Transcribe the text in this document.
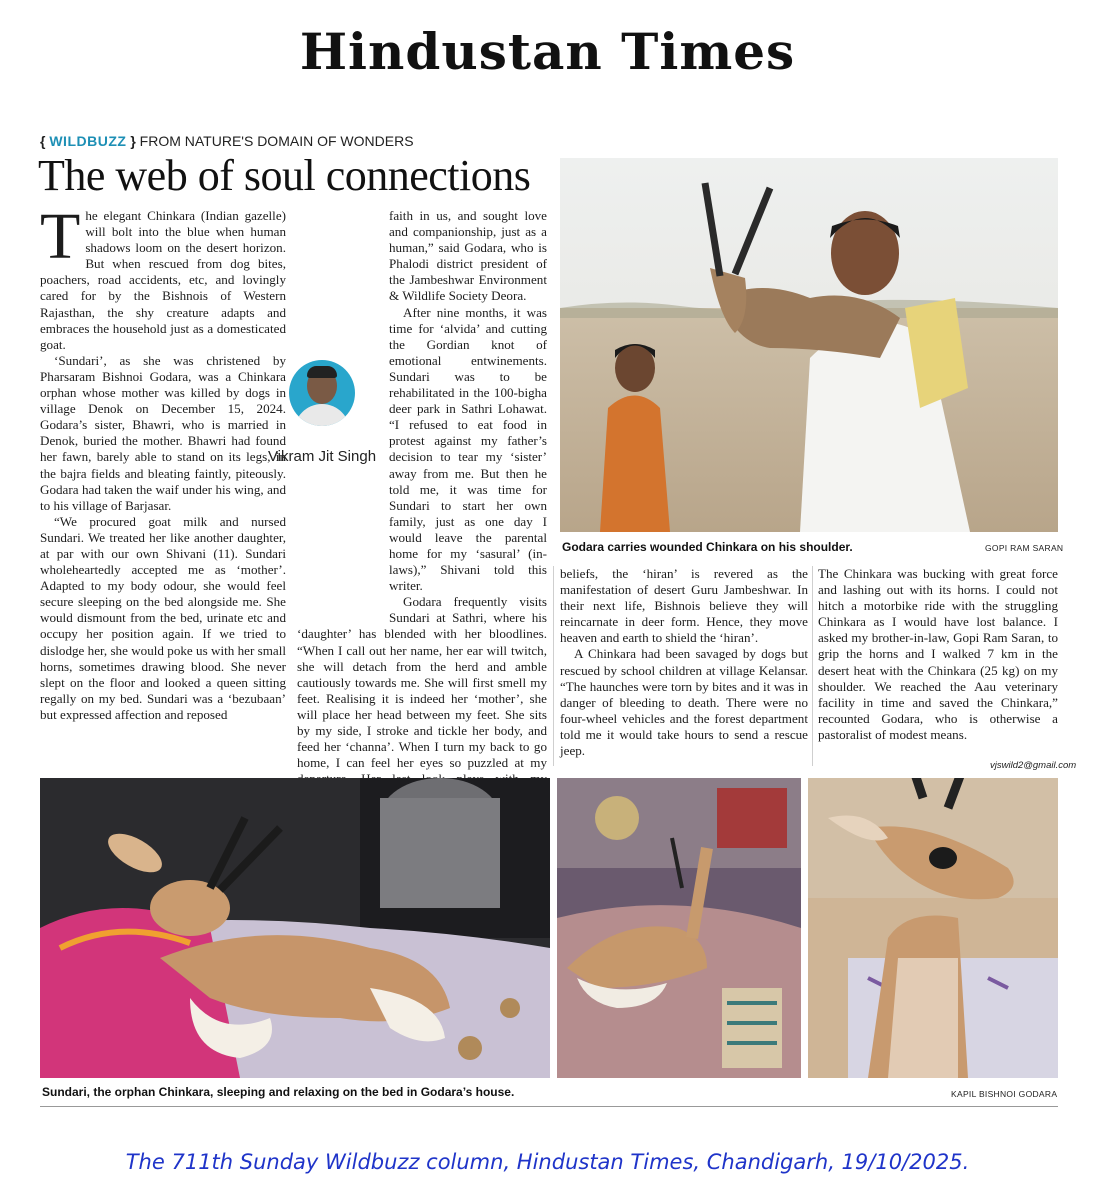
Hindustan Times
{ WILDBUZZ } FROM NATURE'S DOMAIN OF WONDERS
The web of soul connections

The elegant Chinkara (Indian gazelle) will bolt into the blue when human shadows loom on the desert horizon. But when rescued from dog bites, poachers, road accidents, etc, and lovingly cared for by the Bishnois of Western Rajasthan, the shy creature adapts and embraces the household just as a domesticated goat.

‘Sundari’, as she was christened by Pharsaram Bishnoi Godara, was a Chinkara orphan whose mother was killed by dogs in village Denok on December 15, 2024. Godara’s sister, Bhawri, who is married in Denok, buried the mother. Bhawri had found her fawn, barely able to stand on its legs, in the bajra fields and bleating faintly, piteously. Godara had taken the waif under his wing, and to his village of Barjasar.

“We procured goat milk and nursed Sundari. We treated her like another daughter, at par with our own Shivani (11). Sundari wholeheartedly accepted me as ‘mother’. Adapted to my body odour, she would feel secure sleeping on the bed alongside me. She would dismount from the bed, urinate etc and occupy her position again. If we tried to dislodge her, she would poke us with her small horns, sometimes drawing blood. She never slept on the floor and looked a queen sitting regally on my bed. Sundari was a ‘bezubaan’ but expressed affection and reposed

faith in us, and sought love and companionship, just as a human,” said Godara, who is Phalodi district president of the Jambeshwar Environment & Wildlife Society Deora.

After nine months, it was time for ‘alvida’ and cutting the Gordian knot of emotional entwinements. Sundari was to be rehabilitated in the 100-bigha deer park in Sathri Lohawat. “I refused to eat food in protest against my father’s decision to tear my ‘sister’ away from me. But then he told me, it was time for Sundari to start her own family, just as one day I would leave the parental home for my ‘sasural’ (in-laws),” Shivani told this writer.

Godara frequently visits Sundari at Sathri, where his ‘daughter’ has blended with her bloodlines. “When I call out her name, her ear will twitch, she will detach from the herd and amble cautiously towards me. She will first smell my feet. Realising it is indeed her ‘mother’, she will place her head between my feet. She sits by my side, I stroke and tickle her body, and feed her ‘channa’. When I turn my back to go home, I can feel her eyes so puzzled at my

Vikram Jit Singh
Godara carries wounded Chinkara on his shoulder.	GOPI RAM SARAN

beliefs, the ‘hiran’ is revered as the manifestation of desert Guru Jambeshwar. In their next life, Bishnois believe they will reincarnate in deer form. Hence, they move heaven and earth to shield the ‘hiran’.

A Chinkara had been savaged by dogs but rescued by school children at village Kelansar. “The haunches were torn by bites and it was in danger of bleeding to death. There were no four-wheel vehicles and the forest department told me it would take hours to send a rescue jeep.

The Chinkara was bucking with great force and lashing out with its horns. I could not hitch a motorbike ride with the struggling Chinkara as I would have lost balance. I asked my brother-in-law, Gopi Ram Saran, to grip the horns and I walked 7 km in the desert heat with the Chinkara (25 kg) on my shoulder. We reached the Aau veterinary facility in time and saved the Chinkara,” recounted Godara, who is otherwise a pastoralist of modest means.

vjswild2@gmail.com
Sundari, the orphan Chinkara, sleeping and relaxing on the bed in Godara’s house.	KAPIL BISHNOI GODARA
The 711th Sunday Wildbuzz column, Hindustan Times, Chandigarh, 19/10/2025.
